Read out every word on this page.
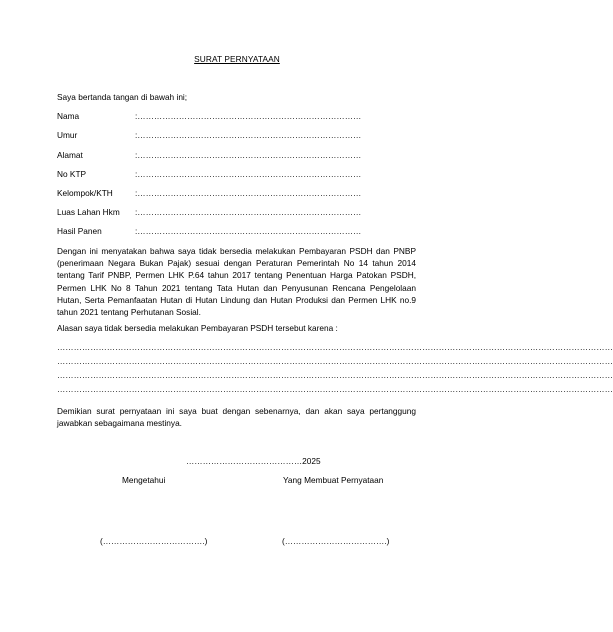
SURAT PERNYATAAN
Saya bertanda tangan di bawah ini;
Nama	:………………………………………………………………………
Umur	:………………………………………………………………………
Alamat	:………………………………………………………………………
No KTP	:………………………………………………………………………
Kelompok/KTH	:………………………………………………………………………
Luas Lahan Hkm :………………………………………………………………………
Hasil Panen	:………………………………………………………………………
Dengan ini menyatakan bahwa saya tidak bersedia melakukan Pembayaran PSDH dan PNBP (penerimaan Negara Bukan Pajak) sesuai dengan Peraturan Pemerintah No 14 tahun 2014 tentang Tarif PNBP, Permen LHK P.64 tahun 2017 tentang Penentuan Harga Patokan PSDH, Permen LHK No 8 Tahun 2021 tentang Tata Hutan dan Penyusunan Rencana Pengelolaan Hutan, Serta Pemanfaatan Hutan di Hutan Lindung dan Hutan Produksi dan Permen LHK no.9 tahun 2021 tentang Perhutanan Sosial.
Alasan saya tidak bersedia melakukan Pembayaran PSDH tersebut karena :
…………………………………………………………………………………………………………………………………………………………………………………
…………………………………………………………………………………………………………………………………………………………………………………
…………………………………………………………………………………………………………………………………………………………………………………
…………………………………………………………………………………………………………………………………………………………………………………
Demikian surat pernyataan ini saya buat dengan sebenarnya, dan akan saya pertanggung jawabkan sebagaimana mestinya.
……………………………………2025
Mengetahui	Yang Membuat Pernyataan
(……………………………….)	(……………………………….)
